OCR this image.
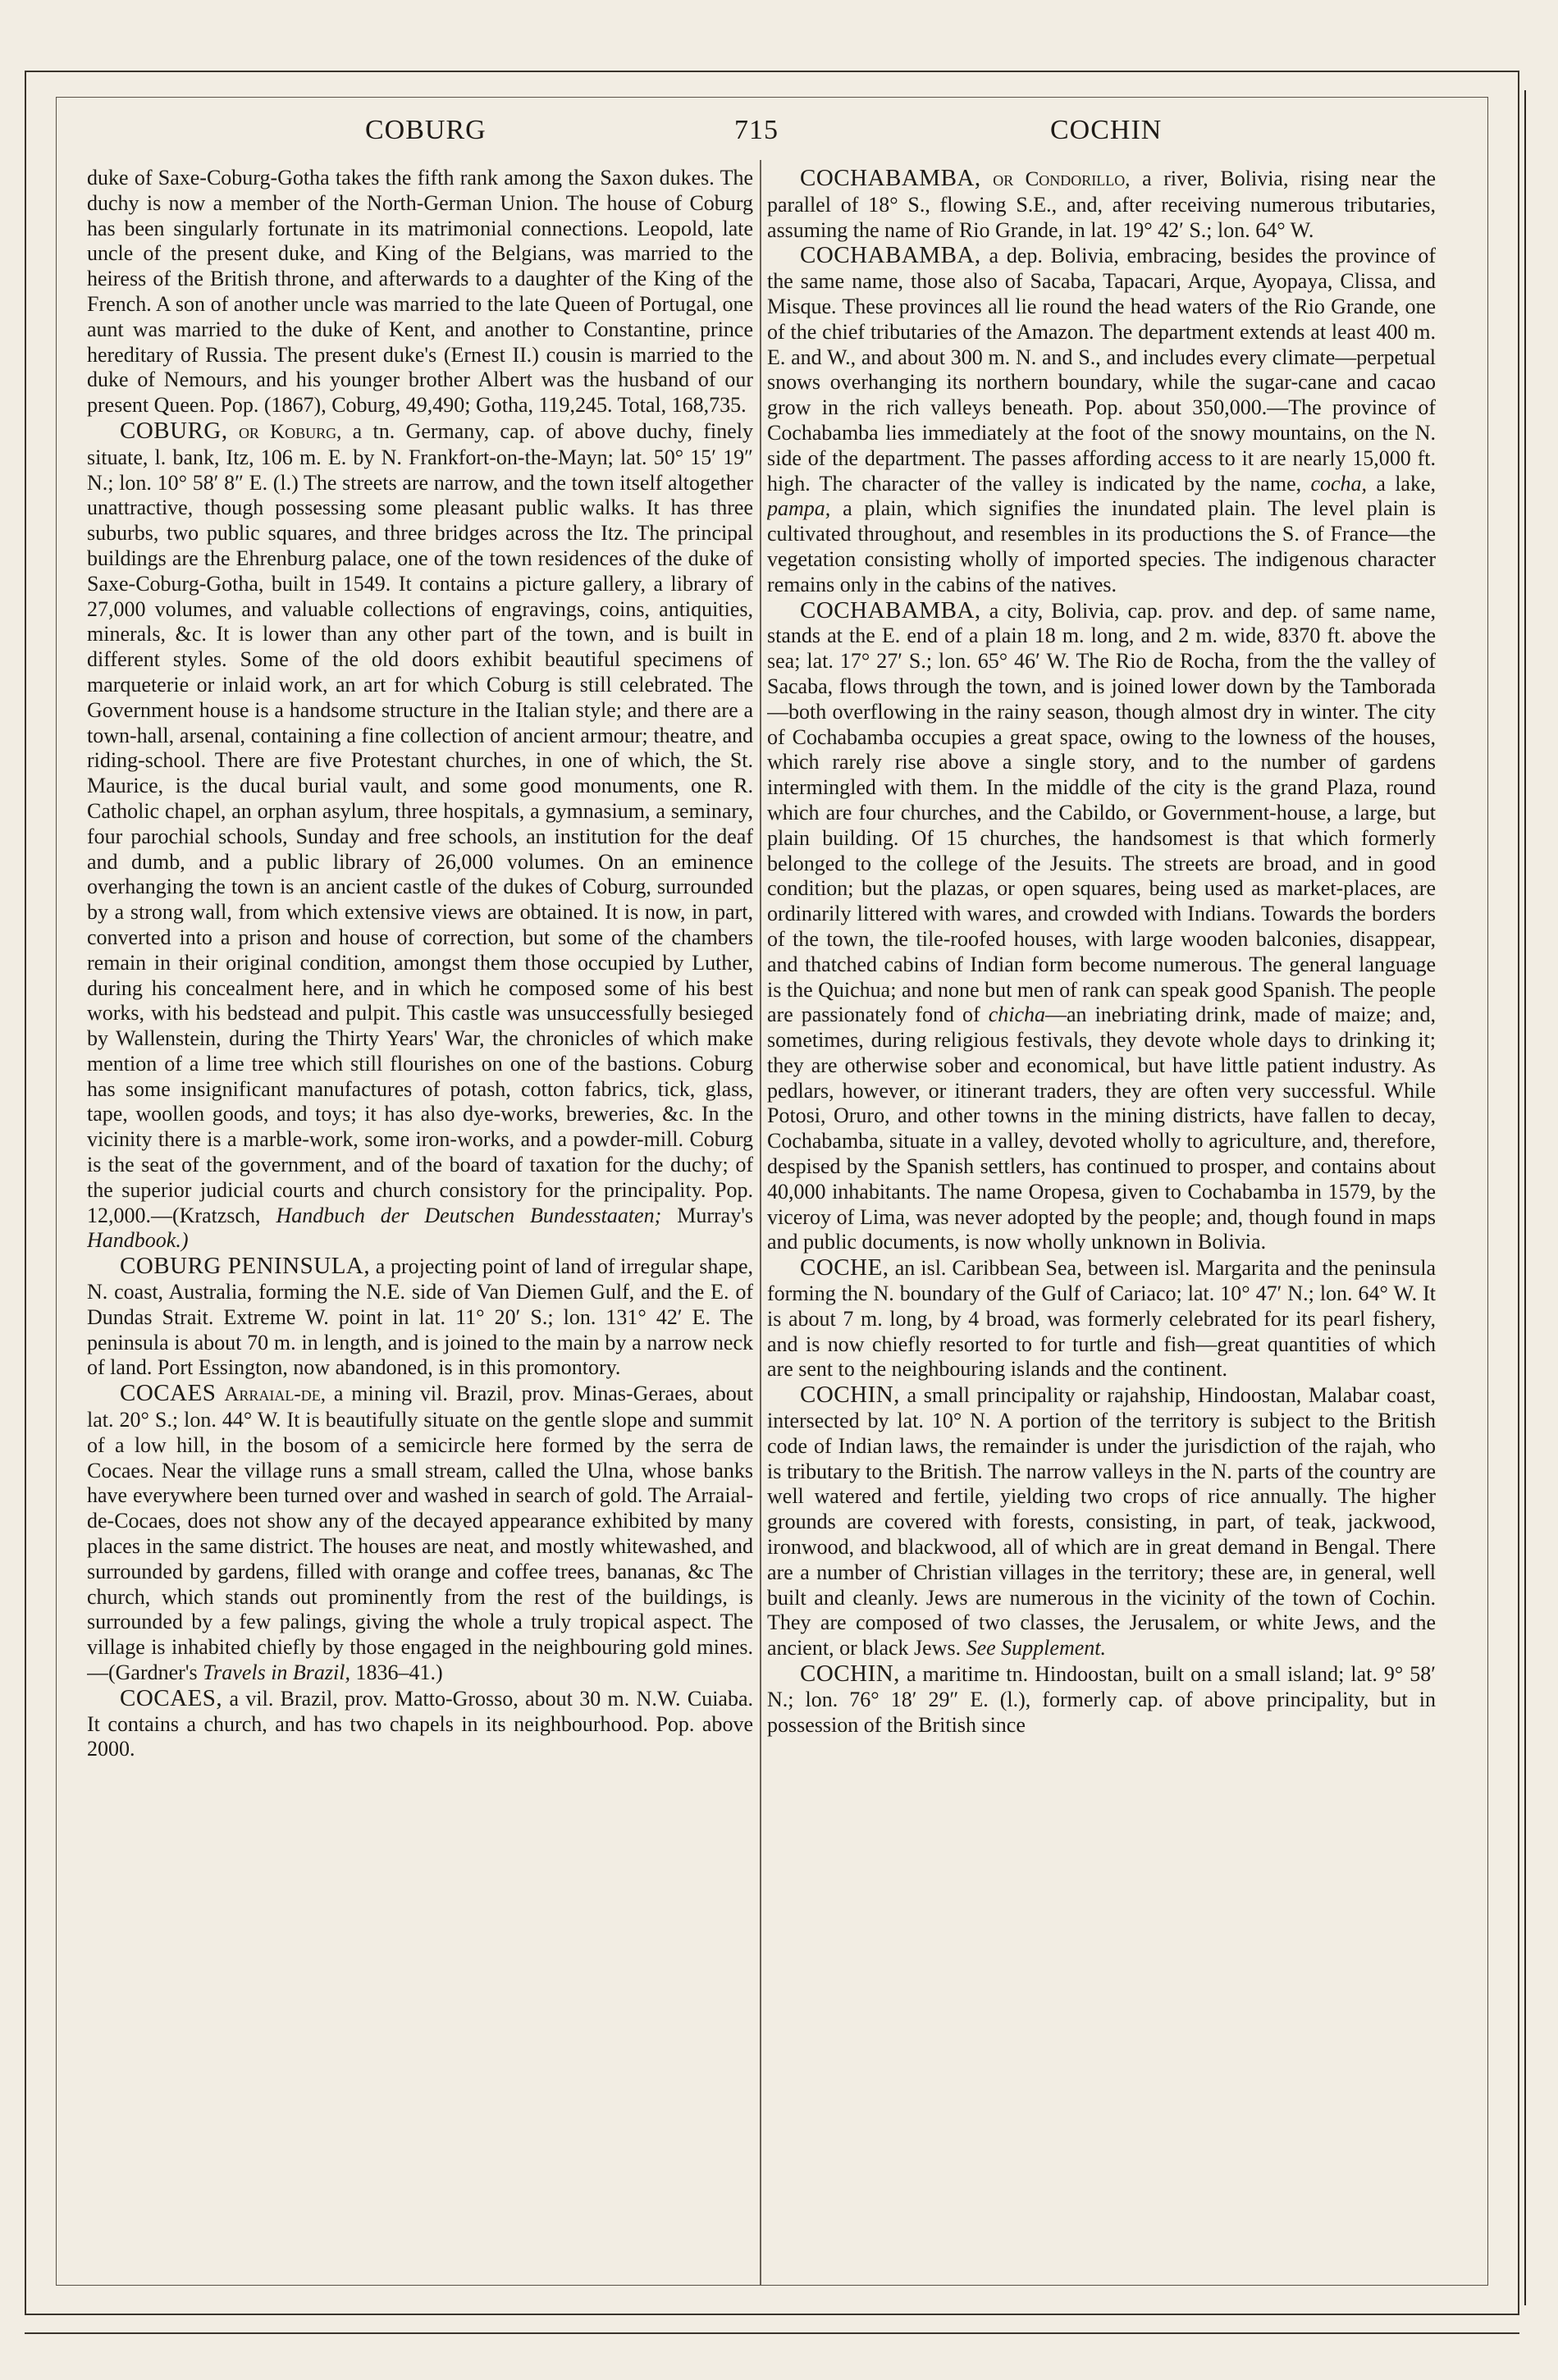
COBURG	715	COCHIN

duke of Saxe-Coburg-Gotha takes the fifth rank among the Saxon dukes. The duchy is now a member of the North-German Union. The house of Coburg has been singularly fortunate in its matrimonial connections. Leopold, late uncle of the present duke, and King of the Belgians, was married to the heiress of the British throne, and afterwards to a daughter of the King of the French. A son of another uncle was married to the late Queen of Portugal, one aunt was married to the duke of Kent, and another to Constantine, prince hereditary of Russia. The present duke's (Ernest II.) cousin is married to the duke of Nemours, and his younger brother Albert was the husband of our present Queen. Pop. (1867), Coburg, 49,490; Gotha, 119,245. Total, 168,735.

COBURG, or Koburg, a tn. Germany, cap. of above duchy, finely situate, l. bank, Itz, 106 m. E. by N. Frankfort-on-the-Mayn; lat. 50° 15′ 19″ N.; lon. 10° 58′ 8″ E. (l.) The streets are narrow, and the town itself altogether unattractive, though possessing some pleasant public walks. It has three suburbs, two public squares, and three bridges across the Itz. The principal buildings are the Ehrenburg palace, one of the town residences of the duke of Saxe-Coburg-Gotha, built in 1549. It contains a picture gallery, a library of 27,000 volumes, and valuable collections of engravings, coins, antiquities, minerals, &c. It is lower than any other part of the town, and is built in different styles. Some of the old doors exhibit beautiful specimens of marqueterie or inlaid work, an art for which Coburg is still celebrated. The Government house is a handsome structure in the Italian style; and there are a town-hall, arsenal, containing a fine collection of ancient armour; theatre, and riding-school. There are five Protestant churches, in one of which, the St. Maurice, is the ducal burial vault, and some good monuments, one R. Catholic chapel, an orphan asylum, three hospitals, a gymnasium, a seminary, four parochial schools, Sunday and free schools, an institution for the deaf and dumb, and a public library of 26,000 volumes. On an eminence overhanging the town is an ancient castle of the dukes of Coburg, surrounded by a strong wall, from which extensive views are obtained. It is now, in part, converted into a prison and house of correction, but some of the chambers remain in their original condition, amongst them those occupied by Luther, during his concealment here, and in which he composed some of his best works, with his bedstead and pulpit. This castle was unsuccessfully besieged by Wallenstein, during the Thirty Years' War, the chronicles of which make mention of a lime tree which still flourishes on one of the bastions. Coburg has some insignificant manufactures of potash, cotton fabrics, tick, glass, tape, woollen goods, and toys; it has also dye-works, breweries, &c. In the vicinity there is a marble-work, some iron-works, and a powder-mill. Coburg is the seat of the government, and of the board of taxation for the duchy; of the superior judicial courts and church consistory for the principality. Pop. 12,000.—(Kratzsch, Handbuch der Deutschen Bundesstaaten; Murray's Handbook.)

COBURG PENINSULA, a projecting point of land of irregular shape, N. coast, Australia, forming the N.E. side of Van Diemen Gulf, and the E. of Dundas Strait. Extreme W. point in lat. 11° 20′ S.; lon. 131° 42′ E. The peninsula is about 70 m. in length, and is joined to the main by a narrow neck of land. Port Essington, now abandoned, is in this promontory.

COCAES Arraial-de, a mining vil. Brazil, prov. Minas-Geraes, about lat. 20° S.; lon. 44° W. It is beautifully situate on the gentle slope and summit of a low hill, in the bosom of a semicircle here formed by the serra de Cocaes. Near the village runs a small stream, called the Ulna, whose banks have everywhere been turned over and washed in search of gold. The Arraial-de-Cocaes, does not show any of the decayed appearance exhibited by many places in the same district. The houses are neat, and mostly whitewashed, and surrounded by gardens, filled with orange and coffee trees, bananas, &c The church, which stands out prominently from the rest of the buildings, is surrounded by a few palings, giving the whole a truly tropical aspect. The village is inhabited chiefly by those engaged in the neighbouring gold mines.—(Gardner's Travels in Brazil, 1836–41.)

COCAES, a vil. Brazil, prov. Matto-Grosso, about 30 m. N.W. Cuiaba. It contains a church, and has two chapels in its neighbourhood. Pop. above 2000.

COCHABAMBA, or Condorillo, a river, Bolivia, rising near the parallel of 18° S., flowing S.E., and, after receiving numerous tributaries, assuming the name of Rio Grande, in lat. 19° 42′ S.; lon. 64° W.

COCHABAMBA, a dep. Bolivia, embracing, besides the province of the same name, those also of Sacaba, Tapacari, Arque, Ayopaya, Clissa, and Misque. These provinces all lie round the head waters of the Rio Grande, one of the chief tributaries of the Amazon. The department extends at least 400 m. E. and W., and about 300 m. N. and S., and includes every climate—perpetual snows overhanging its northern boundary, while the sugar-cane and cacao grow in the rich valleys beneath. Pop. about 350,000.—The province of Cochabamba lies immediately at the foot of the snowy mountains, on the N. side of the department. The passes affording access to it are nearly 15,000 ft. high. The character of the valley is indicated by the name, cocha, a lake, pampa, a plain, which signifies the inundated plain. The level plain is cultivated throughout, and resembles in its productions the S. of France—the vegetation consisting wholly of imported species. The indigenous character remains only in the cabins of the natives.

COCHABAMBA, a city, Bolivia, cap. prov. and dep. of same name, stands at the E. end of a plain 18 m. long, and 2 m. wide, 8370 ft. above the sea; lat. 17° 27′ S.; lon. 65° 46′ W. The Rio de Rocha, from the the valley of Sacaba, flows through the town, and is joined lower down by the Tamborada—both overflowing in the rainy season, though almost dry in winter. The city of Cochabamba occupies a great space, owing to the lowness of the houses, which rarely rise above a single story, and to the number of gardens intermingled with them. In the middle of the city is the grand Plaza, round which are four churches, and the Cabildo, or Government-house, a large, but plain building. Of 15 churches, the handsomest is that which formerly belonged to the college of the Jesuits. The streets are broad, and in good condition; but the plazas, or open squares, being used as market-places, are ordinarily littered with wares, and crowded with Indians. Towards the borders of the town, the tile-roofed houses, with large wooden balconies, disappear, and thatched cabins of Indian form become numerous. The general language is the Quichua; and none but men of rank can speak good Spanish. The people are passionately fond of chicha—an inebriating drink, made of maize; and, sometimes, during religious festivals, they devote whole days to drinking it; they are otherwise sober and economical, but have little patient industry. As pedlars, however, or itinerant traders, they are often very successful. While Potosi, Oruro, and other towns in the mining districts, have fallen to decay, Cochabamba, situate in a valley, devoted wholly to agriculture, and, therefore, despised by the Spanish settlers, has continued to prosper, and contains about 40,000 inhabitants. The name Oropesa, given to Cochabamba in 1579, by the viceroy of Lima, was never adopted by the people; and, though found in maps and public documents, is now wholly unknown in Bolivia.

COCHE, an isl. Caribbean Sea, between isl. Margarita and the peninsula forming the N. boundary of the Gulf of Cariaco; lat. 10° 47′ N.; lon. 64° W. It is about 7 m. long, by 4 broad, was formerly celebrated for its pearl fishery, and is now chiefly resorted to for turtle and fish—great quantities of which are sent to the neighbouring islands and the continent.

COCHIN, a small principality or rajahship, Hindoostan, Malabar coast, intersected by lat. 10° N. A portion of the territory is subject to the British code of Indian laws, the remainder is under the jurisdiction of the rajah, who is tributary to the British. The narrow valleys in the N. parts of the country are well watered and fertile, yielding two crops of rice annually. The higher grounds are covered with forests, consisting, in part, of teak, jackwood, ironwood, and blackwood, all of which are in great demand in Bengal. There are a number of Christian villages in the territory; these are, in general, well built and cleanly. Jews are numerous in the vicinity of the town of Cochin. They are composed of two classes, the Jerusalem, or white Jews, and the ancient, or black Jews. See Supplement.

COCHIN, a maritime tn. Hindoostan, built on a small island; lat. 9° 58′ N.; lon. 76° 18′ 29″ E. (l.), formerly cap. of above principality, but in possession of the British since
